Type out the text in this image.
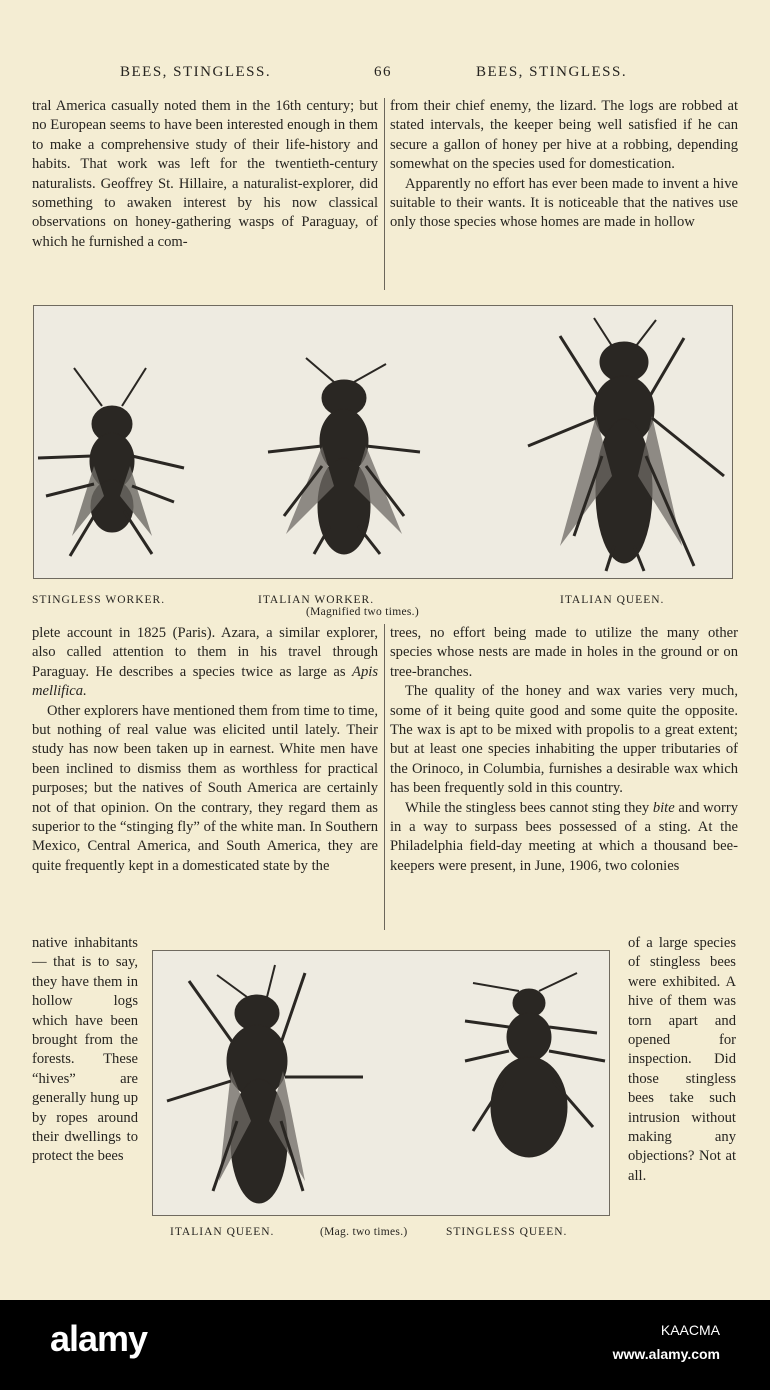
BEES, STINGLESS.	66	BEES, STINGLESS.

tral America casually noted them in the 16th century; but no European seems to have been interested enough in them to make a comprehensive study of their life-history and habits. That work was left for the twentieth-century naturalists. Geoffrey St. Hillaire, a naturalist-explorer, did something to awaken interest by his now classical observations on honey-gathering wasps of Paraguay, of which he furnished a com-

from their chief enemy, the lizard. The logs are robbed at stated intervals, the keeper being well satisfied if he can secure a gallon of honey per hive at a robbing, depending somewhat on the species used for domestication.

Apparently no effort has ever been made to invent a hive suitable to their wants. It is noticeable that the natives use only those species whose homes are made in hollow

STINGLESS WORKER.	ITALIAN WORKER.	ITALIAN QUEEN.
(Magnified two times.)

plete account in 1825 (Paris). Azara, a similar explorer, also called attention to them in his travel through Paraguay. He describes a species twice as large as Apis mellifica.

Other explorers have mentioned them from time to time, but nothing of real value was elicited until lately. Their study has now been taken up in earnest. White men have been inclined to dismiss them as worthless for practical purposes; but the natives of South America are certainly not of that opinion. On the contrary, they regard them as superior to the “stinging fly” of the white man. In Southern Mexico, Central America, and South America, they are quite frequently kept in a domesticated state by the

trees, no effort being made to utilize the many other species whose nests are made in holes in the ground or on tree-branches.

The quality of the honey and wax varies very much, some of it being quite good and some quite the opposite. The wax is apt to be mixed with propolis to a great extent; but at least one species inhabiting the upper tributaries of the Orinoco, in Columbia, furnishes a desirable wax which has been frequently sold in this country.

While the stingless bees cannot sting they bite and worry in a way to surpass bees possessed of a sting. At the Philadelphia field-day meeting at which a thousand bee-keepers were present, in June, 1906, two colonies

native inhabitants — that is to say, they have them in hollow logs which have been brought from the forests. These “hives” are generally hung up by ropes around their dwellings to protect the bees

of a large species of stingless bees were exhibited. A hive of them was torn apart and opened for inspection. Did those stingless bees take such intrusion without making any objections? Not at all.

ITALIAN QUEEN.	(Mag. two times.)	STINGLESS QUEEN.
alamy	KAACMA
www.alamy.com
